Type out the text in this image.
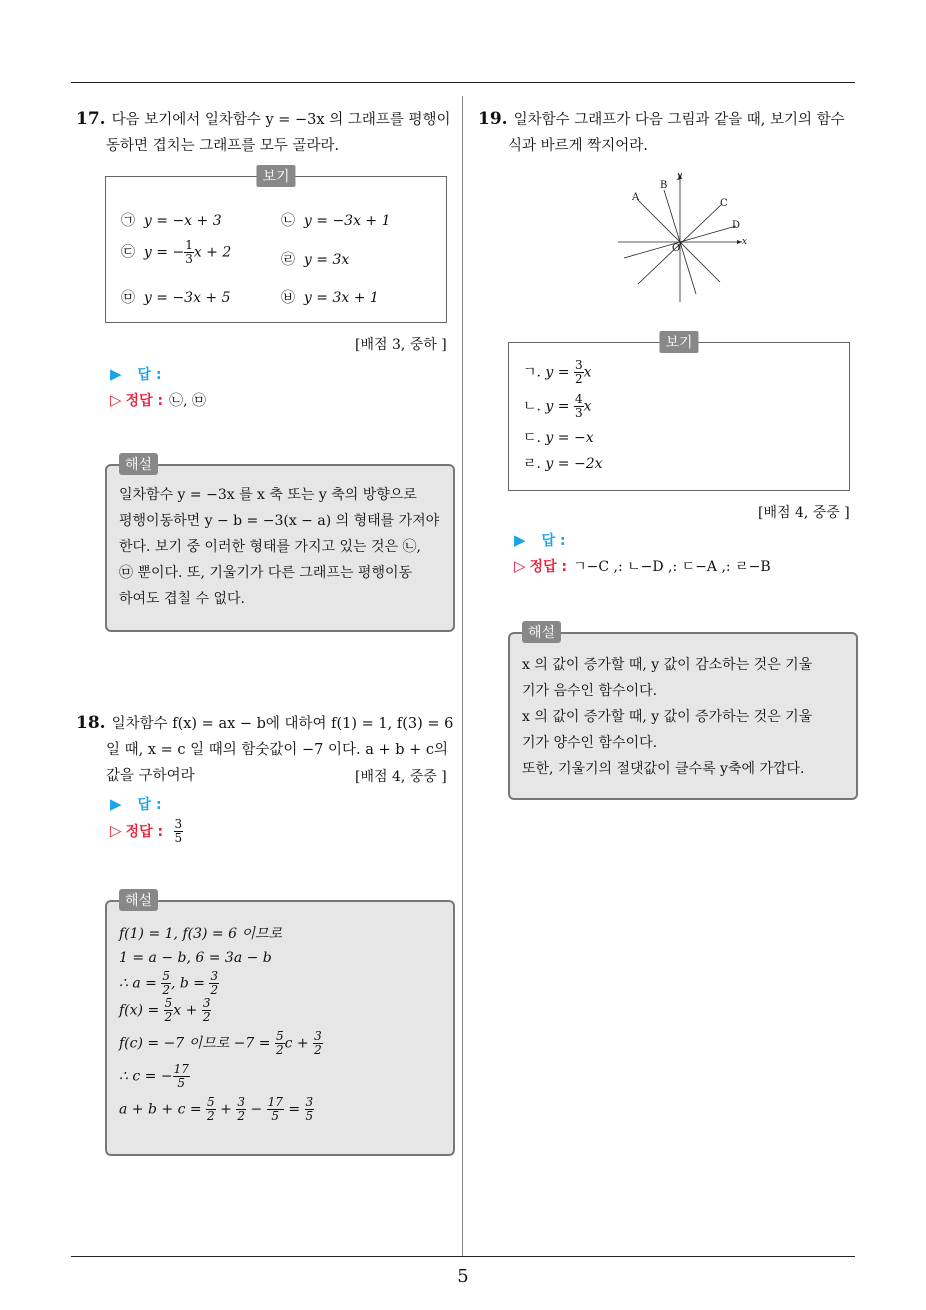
5
17. 다음 보기에서 일차함수 y = −3x 의 그래프를 평행이
동하면 겹치는 그래프를 모두 골라라.
보기
㉠ y = −x + 3	㉡ y = −3x + 1
㉢ y = − $\frac{1}{3}$ x + 2	㉣ y = 3x
㉤ y = −3x + 5	㉥ y = 3x + 1
[배점 3, 중하 ]
▶ 답 :
▷ 정답 : ㉡, ㉤
해설
일차함수 y = −3x 를 x 축 또는 y 축의 방향으로
평행이동하면 y − b = −3(x − a) 의 형태를 가져야
한다. 보기 중 이러한 형태를 가지고 있는 것은 ㉡,
㉤ 뿐이다. 또, 기울기가 다른 그래프는 평행이동
하여도 겹칠 수 없다.
18. 일차함수 f(x) = ax − b에 대하여 f(1) = 1, f(3) = 6
일 때, x = c 일 때의 함숫값이 −7 이다. a + b + c의
값을 구하여라	[배점 4, 중중 ]
▶ 답 :
▷ 정답 : $\frac{3}{5}$
해설
f(1) = 1, f(3) = 6 이므로
1 = a − b, 6 = 3a − b
∴ $a = \frac{5}{2}$ , $b = \frac{3}{2}$
$f(x) = \frac{5}{2}$ $x + \frac{3}{2}$
f(c) = −7 이므로 $-7 = \frac{5}{2}$ $c + \frac{3}{2}$
∴ c = − $\frac{17}{5}$
$a + b + c = \frac{5}{2} + \frac{3}{2} - \frac{17}{5} = \frac{3}{5}$
19. 일차함수 그래프가 다음 그림과 같을 때, 보기의 함수
식과 바르게 짝지어라.
A
B
C
D
O
x
y
보기
ㄱ. $y = \frac{3}{2}$ x
ㄴ. $y = \frac{4}{3}$ x
ㄷ. y = −x
ㄹ. y = −2x
[배점 4, 중중 ]
▶ 답 :
▷ 정답 : ㄱ−C ,: ㄴ−D ,: ㄷ−A ,: ㄹ−B
해설
x 의 값이 증가할 때, y 값이 감소하는 것은 기울
기가 음수인 함수이다.
x 의 값이 증가할 때, y 값이 증가하는 것은 기울
기가 양수인 함수이다.
또한, 기울기의 절댓값이 클수록 y축에 가깝다.
